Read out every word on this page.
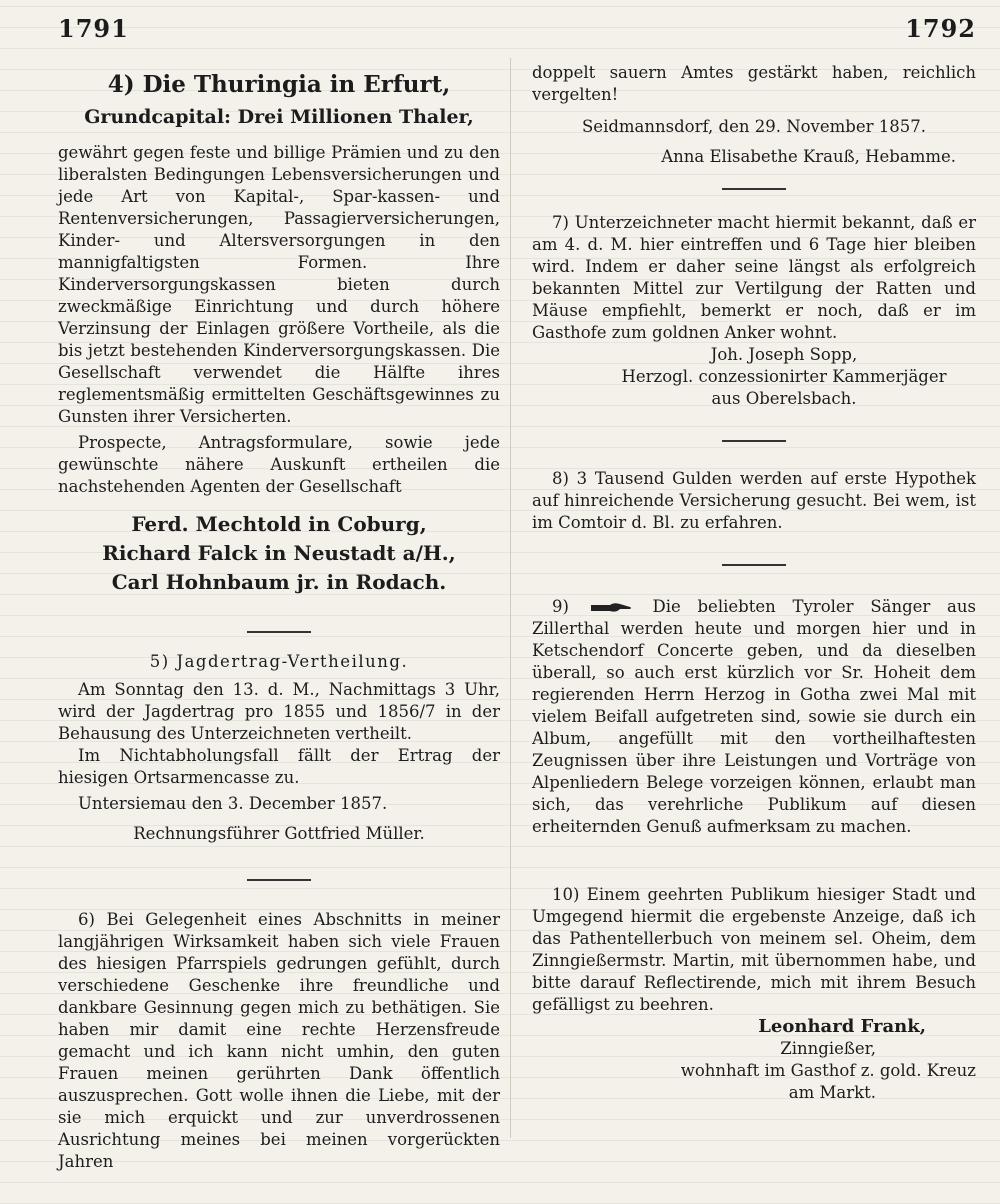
1791	1792

4) Die Thuringia in Erfurt,

Grundcapital: Drei Millionen Thaler,

gewährt gegen feste und billige Prämien und zu den liberalsten Bedingungen Lebensversicherungen und jede Art von Kapital-, Spar-kassen- und Rentenversicherungen, Passagierversicherungen, Kinder- und Altersversorgungen in den mannigfaltigsten Formen. Ihre Kinderversorgungskassen bieten durch zweckmäßige Einrichtung und durch höhere Verzinsung der Einlagen größere Vortheile, als die bis jetzt bestehenden Kinderversorgungskassen. Die Gesellschaft verwendet die Hälfte ihres reglementsmäßig ermittelten Geschäftsgewinnes zu Gunsten ihrer Versicherten.

Prospecte, Antragsformulare, sowie jede gewünschte nähere Auskunft ertheilen die nachstehenden Agenten der Gesellschaft

Ferd. Mechtold in Coburg,

Richard Falck in Neustadt a/H.,

Carl Hohnbaum jr. in Rodach.

5) Jagdertrag-Vertheilung.

Am Sonntag den 13. d. M., Nachmittags 3 Uhr, wird der Jagdertrag pro 1855 und 1856/7 in der Behausung des Unterzeichneten vertheilt.

Im Nichtabholungsfall fällt der Ertrag der hiesigen Ortsarmencasse zu.

Untersiemau den 3. December 1857.

Rechnungsführer Gottfried Müller.

6) Bei Gelegenheit eines Abschnitts in meiner langjährigen Wirksamkeit haben sich viele Frauen des hiesigen Pfarrspiels gedrungen gefühlt, durch verschiedene Geschenke ihre freundliche und dankbare Gesinnung gegen mich zu bethätigen. Sie haben mir damit eine rechte Herzensfreude gemacht und ich kann nicht umhin, den guten Frauen meinen gerührten Dank öffentlich auszusprechen. Gott wolle ihnen die Liebe, mit der sie mich erquickt und zur unverdrossenen Ausrichtung meines bei meinen vorgerückten Jahren

doppelt sauern Amtes gestärkt haben, reichlich vergelten!

Seidmannsdorf, den 29. November 1857.

Anna Elisabethe Krauß, Hebamme.

7) Unterzeichneter macht hiermit bekannt, daß er am 4. d. M. hier eintreffen und 6 Tage hier bleiben wird. Indem er daher seine längst als erfolgreich bekannten Mittel zur Vertilgung der Ratten und Mäuse empfiehlt, bemerkt er noch, daß er im Gasthofe zum goldnen Anker wohnt.

Joh. Joseph Sopp,

Herzogl. conzessionirter Kammerjäger

aus Oberelsbach.

8) 3 Tausend Gulden werden auf erste Hypothek auf hinreichende Versicherung gesucht. Bei wem, ist im Comtoir d. Bl. zu erfahren.

9)	Die beliebten Tyroler Sänger aus Zillerthal werden heute und morgen hier und in Ketschendorf Concerte geben, und da dieselben überall, so auch erst kürzlich vor Sr. Hoheit dem regierenden Herrn Herzog in Gotha zwei Mal mit vielem Beifall aufgetreten sind, sowie sie durch ein Album, angefüllt mit den vortheilhaftesten Zeugnissen über ihre Leistungen und Vorträge von Alpenliedern Belege vorzeigen können, erlaubt man sich, das verehrliche Publikum auf diesen erheiternden Genuß aufmerksam zu machen.

10) Einem geehrten Publikum hiesiger Stadt und Umgegend hiermit die ergebenste Anzeige, daß ich das Pathentellerbuch von meinem sel. Oheim, dem Zinngießermstr. Martin, mit übernommen habe, und bitte darauf Reflectirende, mich mit ihrem Besuch gefälligst zu beehren.

Leonhard Frank,

Zinngießer,

wohnhaft im Gasthof z. gold. Kreuz

am Markt.
